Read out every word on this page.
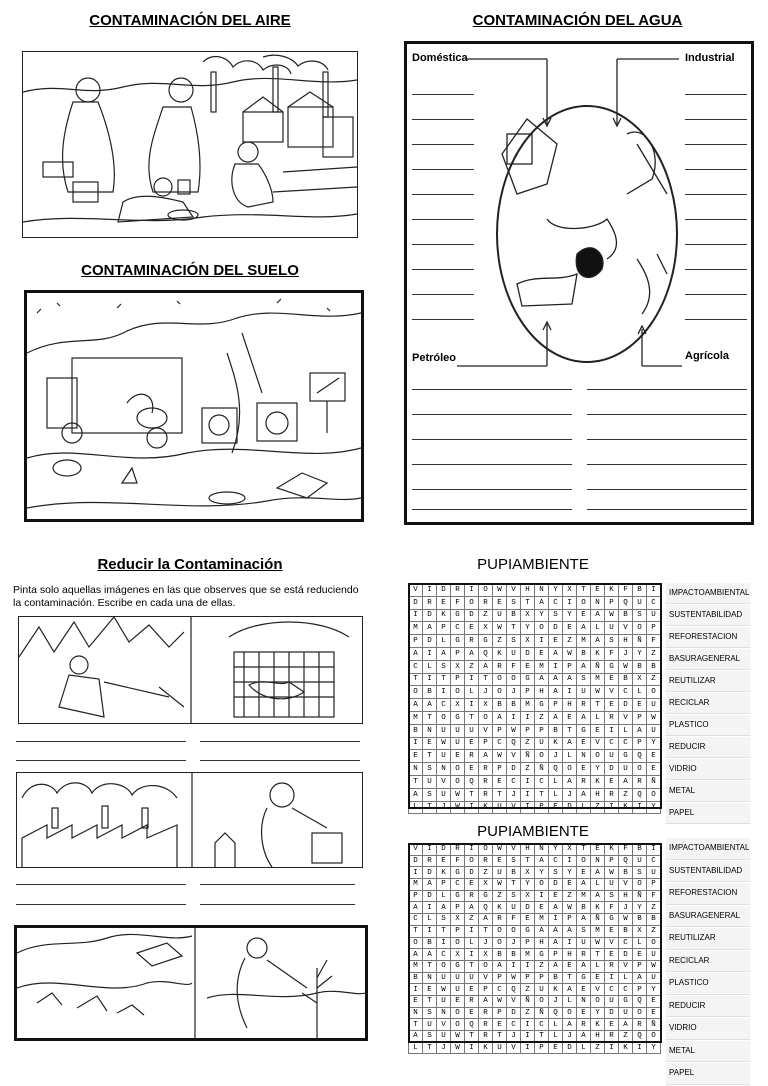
CONTAMINACIÓN DEL AIRE
CONTAMINACIÓN DEL SUELO
CONTAMINACIÓN DEL AGUA
Doméstica	Industrial
Petróleo	Agrícola
Reducir la Contaminación
Pinta solo aquellas imágenes en las que observes que se está reduciendo la contaminación. Escribe en cada una de ellas.
PUPIAMBIENTE
V	I	D	R	I	O	W	V	H	N	Y	X	T	E	K	F	B	I
D	R	E	F	O	R	E	S	T	A	C	I	O	N	P	Q	U	C
I	D	K	G	D	Z	U	B	X	Y	S	Y	E	A	W	B	S	U
M	A	P	C	E	X	W	T	Y	O	D	E	A	L	U	V	O	P
P	D	L	G	R	G	Z	S	X	I	E	Z	M	A	S	H	Ñ	F
A	I	A	P	A	Q	K	U	D	E	A	W	B	K	F	J	Y	Z
C	L	S	X	Z	A	R	F	E	M	I	P	A	Ñ	G	W	B	B
T	I	T	P	I	T	O	O	G	A	A	A	S	M	E	B	X	Z
O	B	I	O	L	J	O	J	P	H	A	I	U	W	V	C	L	O
A	A	C	X	I	X	B	B	M	G	P	H	R	T	E	D	E	U
M	T	O	G	T	O	A	I	I	Z	A	E	A	L	R	V	P	W
B	N	U	U	U	V	P	W	P	P	B	T	G	E	I	L	A	U
I	E	W	U	E	P	C	Q	Z	U	K	A	E	V	C	C	P	Y
E	T	U	E	R	A	W	V	Ñ	O	J	L	N	O	U	G	Q	E
N	S	N	O	E	R	P	D	Z	Ñ	Q	O	E	Y	D	U	O	E
T	U	V	O	Q	R	E	C	I	C	L	A	R	K	E	A	R	Ñ
A	S	U	W	T	R	T	J	I	T	L	J	A	H	R	Z	Q	O
L	T	J	W	I	K	U	V	I	P	E	D	L	Z	I	K	I	Y
IMPACTOAMBIENTAL
SUSTENTABILIDAD
REFORESTACION
BASURAGENERAL
REUTILIZAR
RECICLAR
PLASTICO
REDUCIR
VIDRIO
METAL
PAPEL
PUPIAMBIENTE
V	I	D	R	I	O	W	V	H	N	Y	X	T	E	K	F	B	I
D	R	E	F	O	R	E	S	T	A	C	I	O	N	P	Q	U	C
I	D	K	G	D	Z	U	B	X	Y	S	Y	E	A	W	B	S	U
M	A	P	C	E	X	W	T	Y	O	D	E	A	L	U	V	O	P
P	D	L	G	R	G	Z	S	X	I	E	Z	M	A	S	H	Ñ	F
A	I	A	P	A	Q	K	U	D	E	A	W	B	K	F	J	Y	Z
C	L	S	X	Z	A	R	F	E	M	I	P	A	Ñ	G	W	B	B
T	I	T	P	I	T	O	O	G	A	A	A	S	M	E	B	X	Z
O	B	I	O	L	J	O	J	P	H	A	I	U	W	V	C	L	O
A	A	C	X	I	X	B	B	M	G	P	H	R	T	E	D	E	U
M	T	O	G	T	O	A	I	I	Z	A	E	A	L	R	V	P	W
B	N	U	U	U	V	P	W	P	P	B	T	G	E	I	L	A	U
I	E	W	U	E	P	C	Q	Z	U	K	A	E	V	C	C	P	Y
E	T	U	E	R	A	W	V	Ñ	O	J	L	N	O	U	G	Q	E
N	S	N	O	E	R	P	D	Z	Ñ	Q	O	E	Y	D	U	O	E
T	U	V	O	Q	R	E	C	I	C	L	A	R	K	E	A	R	Ñ
A	S	U	W	T	R	T	J	I	T	L	J	A	H	R	Z	Q	O
L	T	J	W	I	K	U	V	I	P	E	D	L	Z	I	K	I	Y
IMPACTOAMBIENTAL
SUSTENTABILIDAD
REFORESTACION
BASURAGENERAL
REUTILIZAR
RECICLAR
PLASTICO
REDUCIR
VIDRIO
METAL
PAPEL
